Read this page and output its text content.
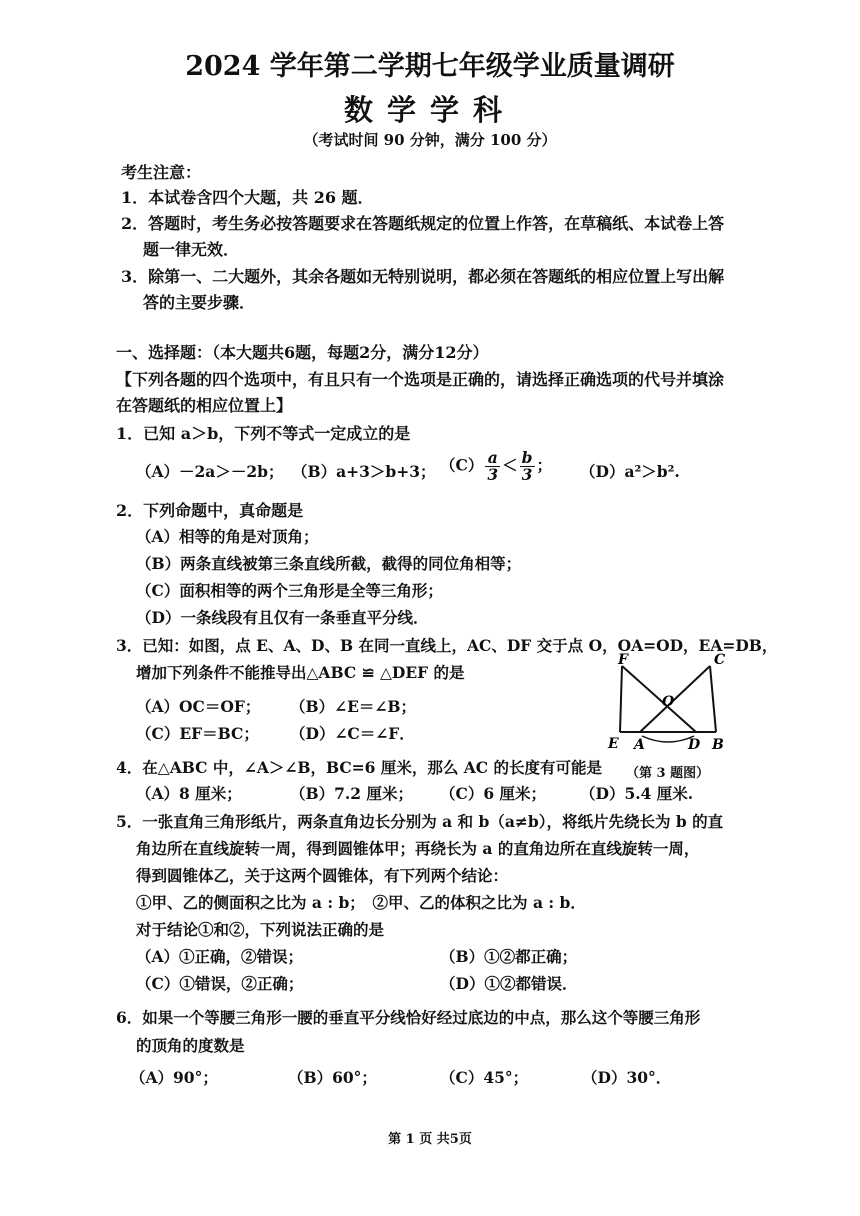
2024 学年第二学期七年级学业质量调研
数学学科
（考试时间 90 分钟，满分 100 分）
考生注意：
1．本试卷含四个大题，共 26 题．
2．答题时，考生务必按答题要求在答题纸规定的位置上作答，在草稿纸、本试卷上答
题一律无效．
3．除第一、二大题外，其余各题如无特别说明，都必须在答题纸的相应位置上写出解
答的主要步骤．
一、选择题：（本大题共6题，每题2分，满分12分）
【下列各题的四个选项中，有且只有一个选项是正确的，请选择正确选项的代号并填涂
在答题纸的相应位置上】
1．已知 a＞b，下列不等式一定成立的是
（A）－2a＞－2b； （B）a+3＞b+3； $(C) \frac{a}{3} < \frac{b}{3}$ ； （D）a²＞b².
2．下列命题中，真命题是
（A）相等的角是对顶角；
（B）两条直线被第三条直线所截，截得的同位角相等；
（C）面积相等的两个三角形是全等三角形；
（D）一条线段有且仅有一条垂直平分线．
3．已知：如图，点 E、A、D、B 在同一直线上，AC、DF 交于点 O，OA=OD，EA=DB，
增加下列条件不能推导出△ABC ≌ △DEF 的是
（A）OC＝OF； （B）∠E＝∠B；
（C）EF＝BC； （D）∠C＝∠F．
E A	D B
F	C
O
（第 3 题图）
4．在△ABC 中，∠A＞∠B，BC=6 厘米，那么 AC 的长度有可能是
（A）8 厘米；	（B）7.2 厘米； （C）6 厘米； （D）5.4 厘米.
5．一张直角三角形纸片，两条直角边长分别为 a 和 b（a≠b），将纸片先绕长为 b 的直
角边所在直线旋转一周，得到圆锥体甲；再绕长为 a 的直角边所在直线旋转一周，
得到圆锥体乙，关于这两个圆锥体，有下列两个结论：
①甲、乙的侧面积之比为 a : b；　②甲、乙的体积之比为 a : b．
对于结论①和②，下列说法正确的是
（A）①正确，②错误；	（B）①②都正确；
（C）①错误，②正确；	（D）①②都错误．
6．如果一个等腰三角形一腰的垂直平分线恰好经过底边的中点，那么这个等腰三角形
的顶角的度数是
（A）90°；	（B）60°；	（C）45°；	（D）30°．
第 1 页 共5页
